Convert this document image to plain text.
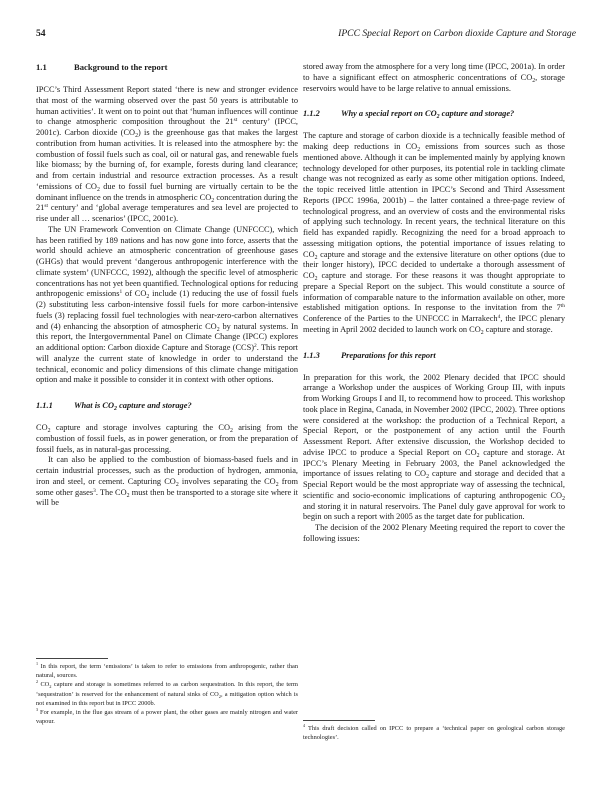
54	IPCC Special Report on Carbon dioxide Capture and Storage
1.1	Background to the report

IPCC’s Third Assessment Report stated ‘there is new and stronger evidence that most of the warming observed over the past 50 years is attributable to human activities’. It went on to point out that ‘human influences will continue to change atmospheric composition throughout the 21st century’ (IPCC, 2001c). Carbon dioxide $(CO_2)$ is the greenhouse gas that makes the largest contribution from human activities. It is released into the atmosphere by: the combustion of fossil fuels such as coal, oil or natural gas, and renewable fuels like biomass; by the burning of, for example, forests during land clearance; and from certain industrial and resource extraction processes. As a result ‘emissions of $CO_2$ due to fossil fuel burning are virtually certain to be the dominant influence on the trends in atmospheric $CO_2$ concentration during the 21st century’ and ‘global average temperatures and sea level are projected to rise under all … scenarios’ (IPCC, 2001c).

The UN Framework Convention on Climate Change (UNFCCC), which has been ratified by 189 nations and has now gone into force, asserts that the world should achieve an atmospheric concentration of greenhouse gases (GHGs) that would prevent ‘dangerous anthropogenic interference with the climate system’ (UNFCCC, 1992), although the specific level of atmospheric concentrations has not yet been quantified. Technological options for reducing anthropogenic emissions$^1$ of $CO_2$ include (1) reducing the use of fossil fuels (2) substituting less carbon-intensive fossil fuels for more carbon-intensive fuels (3) replacing fossil fuel technologies with near-zero-carbon alternatives and (4) enhancing the absorption of atmospheric $CO_2$ by natural systems. In this report, the Intergovernmental Panel on Climate Change (IPCC) explores an additional option: Carbon dioxide Capture and Storage (CCS)$^2$. This report will analyze the current state of knowledge in order to understand the technical, economic and policy dimensions of this climate change mitigation option and make it possible to consider it in context with other options.

1.1.1	What is $CO_2$ capture and storage?

$CO_2$ capture and storage involves capturing the $CO_2$ arising from the combustion of fossil fuels, as in power generation, or from the preparation of fossil fuels, as in natural-gas processing.

It can also be applied to the combustion of biomass-based fuels and in certain industrial processes, such as the production of hydrogen, ammonia, iron and steel, or cement. Capturing $CO_2$ involves separating the $CO_2$ from some other gases$^3$. The $CO_2$ must then be transported to a storage site where it will be

$^1$ In this report, the term ‘emissions’ is taken to refer to emissions from anthropogenic, rather than natural, sources.

$^2$ $CO_2$ capture and storage is sometimes referred to as carbon sequestration. In this report, the term ‘sequestration’ is reserved for the enhancement of natural sinks of $CO_2$, a mitigation option which is not examined in this report but in IPCC 2000b.

$^3$ For example, in the flue gas stream of a power plant, the other gases are mainly nitrogen and water vapour.

stored away from the atmosphere for a very long time (IPCC, 2001a). In order to have a significant effect on atmospheric concentrations of $CO_2$, storage reservoirs would have to be large relative to annual emissions.

1.1.2	Why a special report on $CO_2$ capture and storage?

The capture and storage of carbon dioxide is a technically feasible method of making deep reductions in $CO_2$ emissions from sources such as those mentioned above. Although it can be implemented mainly by applying known technology developed for other purposes, its potential role in tackling climate change was not recognized as early as some other mitigation options. Indeed, the topic received little attention in IPCC’s Second and Third Assessment Reports (IPCC 1996a, 2001b) – the latter contained a three-page review of technological progress, and an overview of costs and the environmental risks of applying such technology. In recent years, the technical literature on this field has expanded rapidly. Recognizing the need for a broad approach to assessing mitigation options, the potential importance of issues relating to $CO_2$ capture and storage and the extensive literature on other options (due to their longer history), IPCC decided to undertake a thorough assessment of $CO_2$ capture and storage. For these reasons it was thought appropriate to prepare a Special Report on the subject. This would constitute a source of information of comparable nature to the information available on other, more established mitigation options. In response to the invitation from the 7th Conference of the Parties to the UNFCCC in Marrakech$^4$, the IPCC plenary meeting in April 2002 decided to launch work on $CO_2$ capture and storage.

1.1.3	Preparations for this report

In preparation for this work, the 2002 Plenary decided that IPCC should arrange a Workshop under the auspices of Working Group III, with inputs from Working Groups I and II, to recommend how to proceed. This workshop took place in Regina, Canada, in November 2002 (IPCC, 2002). Three options were considered at the workshop: the production of a Technical Report, a Special Report, or the postponement of any action until the Fourth Assessment Report. After extensive discussion, the Workshop decided to advise IPCC to produce a Special Report on $CO_2$ capture and storage. At IPCC’s Plenary Meeting in February 2003, the Panel acknowledged the importance of issues relating to $CO_2$ capture and storage and decided that a Special Report would be the most appropriate way of assessing the technical, scientific and socio-economic implications of capturing anthropogenic $CO_2$ and storing it in natural reservoirs. The Panel duly gave approval for work to begin on such a report with 2005 as the target date for publication.

The decision of the 2002 Plenary Meeting required the report to cover the following issues:

$^4$ This draft decision called on IPCC to prepare a ‘technical paper on geological carbon storage technologies’.
